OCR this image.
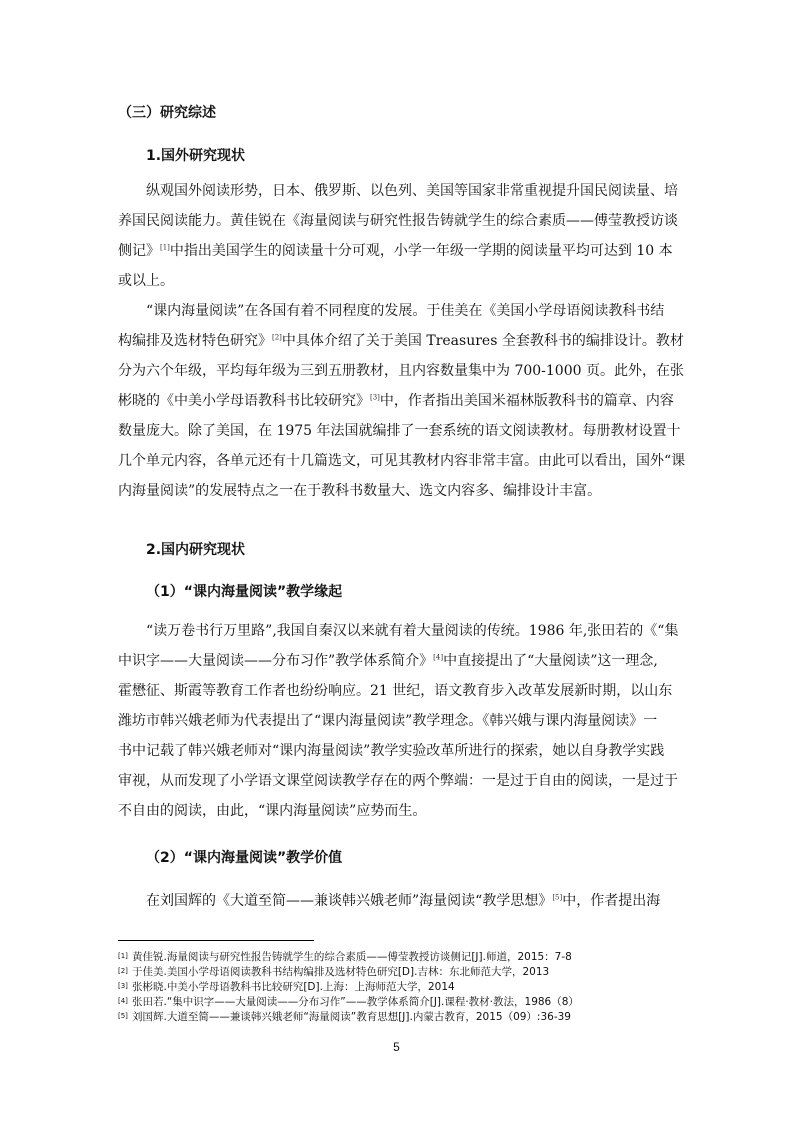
（三）研究综述
1.国外研究现状
纵观国外阅读形势，日本、俄罗斯、以色列、美国等国家非常重视提升国民阅读量、培
养国民阅读能力。黄佳锐在《海量阅读与研究性报告铸就学生的综合素质——傅莹教授访谈
侧记》[1]中指出美国学生的阅读量十分可观，小学一年级一学期的阅读量平均可达到 10 本
或以上。
“课内海量阅读”在各国有着不同程度的发展。于佳美在《美国小学母语阅读教科书结
构编排及选材特色研究》[2]中具体介绍了关于美国 Treasures 全套教科书的编排设计。教材
分为六个年级，平均每年级为三到五册教材，且内容数量集中为 700-1000 页。此外，在张
彬晓的《中美小学母语教科书比较研究》[3]中，作者指出美国米福林版教科书的篇章、内容
数量庞大。除了美国，在 1975 年法国就编排了一套系统的语文阅读教材。每册教材设置十
几个单元内容，各单元还有十几篇选文，可见其教材内容非常丰富。由此可以看出，国外“课
内海量阅读”的发展特点之一在于教科书数量大、选文内容多、编排设计丰富。
2.国内研究现状
（1）“课内海量阅读”教学缘起
“读万卷书行万里路”,我国自秦汉以来就有着大量阅读的传统。1986 年,张田若的《“集
中识字——大量阅读——分布习作”教学体系简介》[4]中直接提出了“大量阅读”这一理念,
霍懋征、斯霞等教育工作者也纷纷响应。21 世纪，语文教育步入改革发展新时期，以山东
潍坊市韩兴娥老师为代表提出了“课内海量阅读”教学理念。《韩兴娥与课内海量阅读》一
书中记载了韩兴娥老师对“课内海量阅读”教学实验改革所进行的探索，她以自身教学实践
审视，从而发现了小学语文课堂阅读教学存在的两个弊端：一是过于自由的阅读，一是过于
不自由的阅读，由此，“课内海量阅读”应势而生。
（2）“课内海量阅读”教学价值
在刘国辉的《大道至简——兼谈韩兴娥老师”海量阅读“教学思想》[5]中，作者提出海
[1] 黄佳锐.海量阅读与研究性报告铸就学生的综合素质——傅莹教授访谈侧记[J].师道，2015：7-8
[2] 于佳美.美国小学母语阅读教科书结构编排及选材特色研究[D].吉林：东北师范大学，2013
[3] 张彬晓.中美小学母语教科书比较研究[D].上海：上海师范大学，2014
[4] 张田若.“集中识字——大量阅读——分布习作”——教学体系简介[J].课程·教材·教法，1986（8）
[5] 刘国辉.大道至简——兼谈韩兴娥老师“海量阅读”教育思想[J].内蒙古教育，2015（09）:36-39
5
